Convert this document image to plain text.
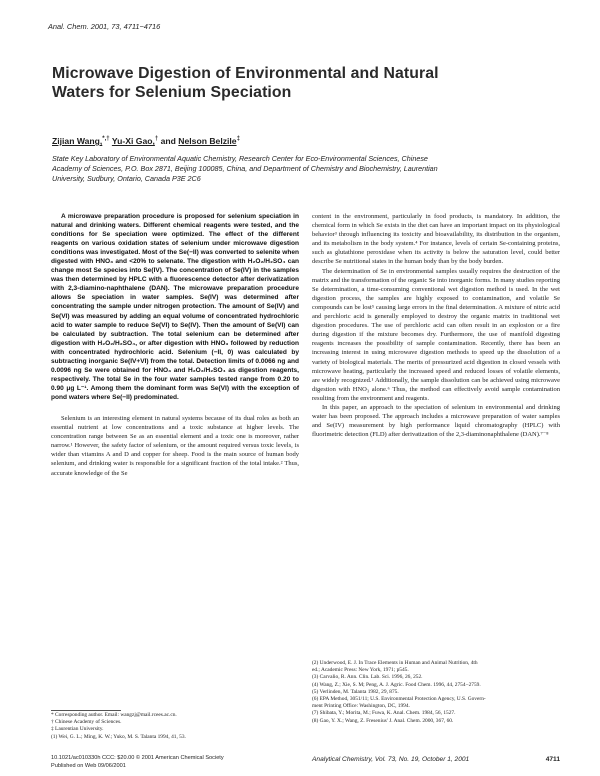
Anal. Chem. 2001, 73, 4711−4716
Microwave Digestion of Environmental and Natural
Waters for Selenium Speciation
Zijian Wang,*,† Yu-Xi Gao,† and Nelson Belzile‡
State Key Laboratory of Environmental Aquatic Chemistry, Research Center for Eco-Environmental Sciences, Chinese
Academy of Sciences, P.O. Box 2871, Beijing 100085, China, and Department of Chemistry and Biochemistry, Laurentian
University, Sudbury, Ontario, Canada P3E 2C6

A microwave preparation procedure is proposed for selenium speciation in natural and drinking waters. Different chemical reagents were tested, and the conditions for Se speciation were optimized. The effect of the different reagents on various oxidation states of selenium under microwave digestion conditions was investigated. Most of the Se(−II) was converted to selenite when digested with HNO₃ and <20% to selenate. The digestion with H₂O₂/H₂SO₄ can change most Se species into Se(IV). The concentration of Se(IV) in the samples was then determined by HPLC with a fluorescence detector after derivatization with 2,3-diamino-naphthalene (DAN). The microwave preparation procedure allows Se speciation in water samples. Se(IV) was determined after concentrating the sample under nitrogen protection. The amount of Se(IV) and Se(VI) was measured by adding an equal volume of concentrated hydrochloric acid to water sample to reduce Se(VI) to Se(IV). Then the amount of Se(VI) can be calculated by subtraction. The total selenium can be determined after digestion with H₂O₂/H₂SO₄, or after digestion with HNO₃ followed by reduction with concentrated hydrochloric acid. Selenium (−II, 0) was calculated by subtracting inorganic Se(IV+VI) from the total. Detection limits of 0.0066 ng and 0.0096 ng Se were obtained for HNO₃ and H₂O₂/H₂SO₄ as digestion reagents, respectively. The total Se in the four water samples tested range from 0.20 to 0.90 μg L⁻¹. Among them the dominant form was Se(VI) with the exception of pond waters where Se(−II) predominated.

Selenium is an interesting element in natural systems because of its dual roles as both an essential nutrient at low concentrations and a toxic substance at higher levels. The concentration range between Se as an essential element and a toxic one is moreover, rather narrow.¹ However, the safety factor of selenium, or the amount required versus toxic levels, is wider than vitamins A and D and copper for sheep. Food is the main source of human body selenium, and drinking water is responsible for a significant fraction of the total intake.² Thus, accurate knowledge of the Se

content in the environment, particularly in food products, is mandatory. In addition, the chemical form in which Se exists in the diet can have an important impact on its physiological behavior³ through influencing its toxicity and bioavailability, its distribution in the organism, and its metabolism in the body system.⁴ For instance, levels of certain Se-containing proteins, such as glutathione peroxidase when its activity is below the saturation level, could better describe Se nutritional states in the human body than by the body burden.

The determination of Se in environmental samples usually requires the destruction of the matrix and the transformation of the organic Se into inorganic forms. In many studies reporting Se determination, a time-consuming conventional wet digestion method is used. In the wet digestion process, the samples are highly exposed to contamination, and volatile Se compounds can be lost⁵ causing large errors in the final determination. A mixture of nitric acid and perchloric acid is generally employed to destroy the organic matrix in traditional wet digestion procedures. The use of perchloric acid can often result in an explosion or a fire during digestion if the mixture becomes dry. Furthermore, the use of manifold digesting reagents increases the possibility of sample contamination. Recently, there has been an increasing interest in using microwave digestion methods to speed up the dissolution of a variety of biological materials. The merits of pressurized acid digestion in closed vessels with microwave heating, particularly the increased speed and reduced losses of volatile elements, are widely recognized.¹ Additionally, the sample dissolution can be achieved using microwave digestion with HNO₃ alone.⁶ Thus, the method can effectively avoid sample contamination resulting from the environment and reagents.

In this paper, an approach to the speciation of selenium in environmental and drinking water has been proposed. The approach includes a microwave preparation of water samples and Se(IV) measurement by high performance liquid chromatography (HPLC) with fluorimetric detection (FLD) after derivatization of the 2,3-diaminonaphthalene (DAN).⁷⁻⁸

* Corresponding author. Email: wangzj@mail.rcees.ac.cn.
† Chinese Academy of Sciences.
‡ Laurentian University.
(1) Wei, G. L.; Ming, K. W.; Yuko, M. S. Talanta 1994, 41, 53.
(2) Underwood, E. J. In Trace Elements in Human and Animal Nutrition, 4th
ed.; Academic Press: New York, 1971; p545.
(3) Carvalio, R. Ann. Clin. Lab. Sci. 1996, 26, 252.
(4) Wang, Z.; Xie, S. M; Peng, A. J. Agric. Food Chem. 1996, 44, 2754−2759.
(5) Verlinden, M. Talanta 1982, 29, 875.
(6) EPA Method, 3051/11; U.S. Environmental Protection Agency, U.S. Govern-
ment Printing Office: Washington, DC, 1994.
(7) Shibata, Y.; Morita, M.; Fuwa, K. Anal. Chem. 1984, 56, 1527.
(8) Gao, Y. X.; Wang, Z. Fresenius' J. Anal. Chem. 2000, 367, 60.
10.1021/ac010330h CCC: $20.00 © 2001 American Chemical Society
Published on Web 09/06/2001
Analytical Chemistry, Vol. 73, No. 19, October 1, 2001	4711
